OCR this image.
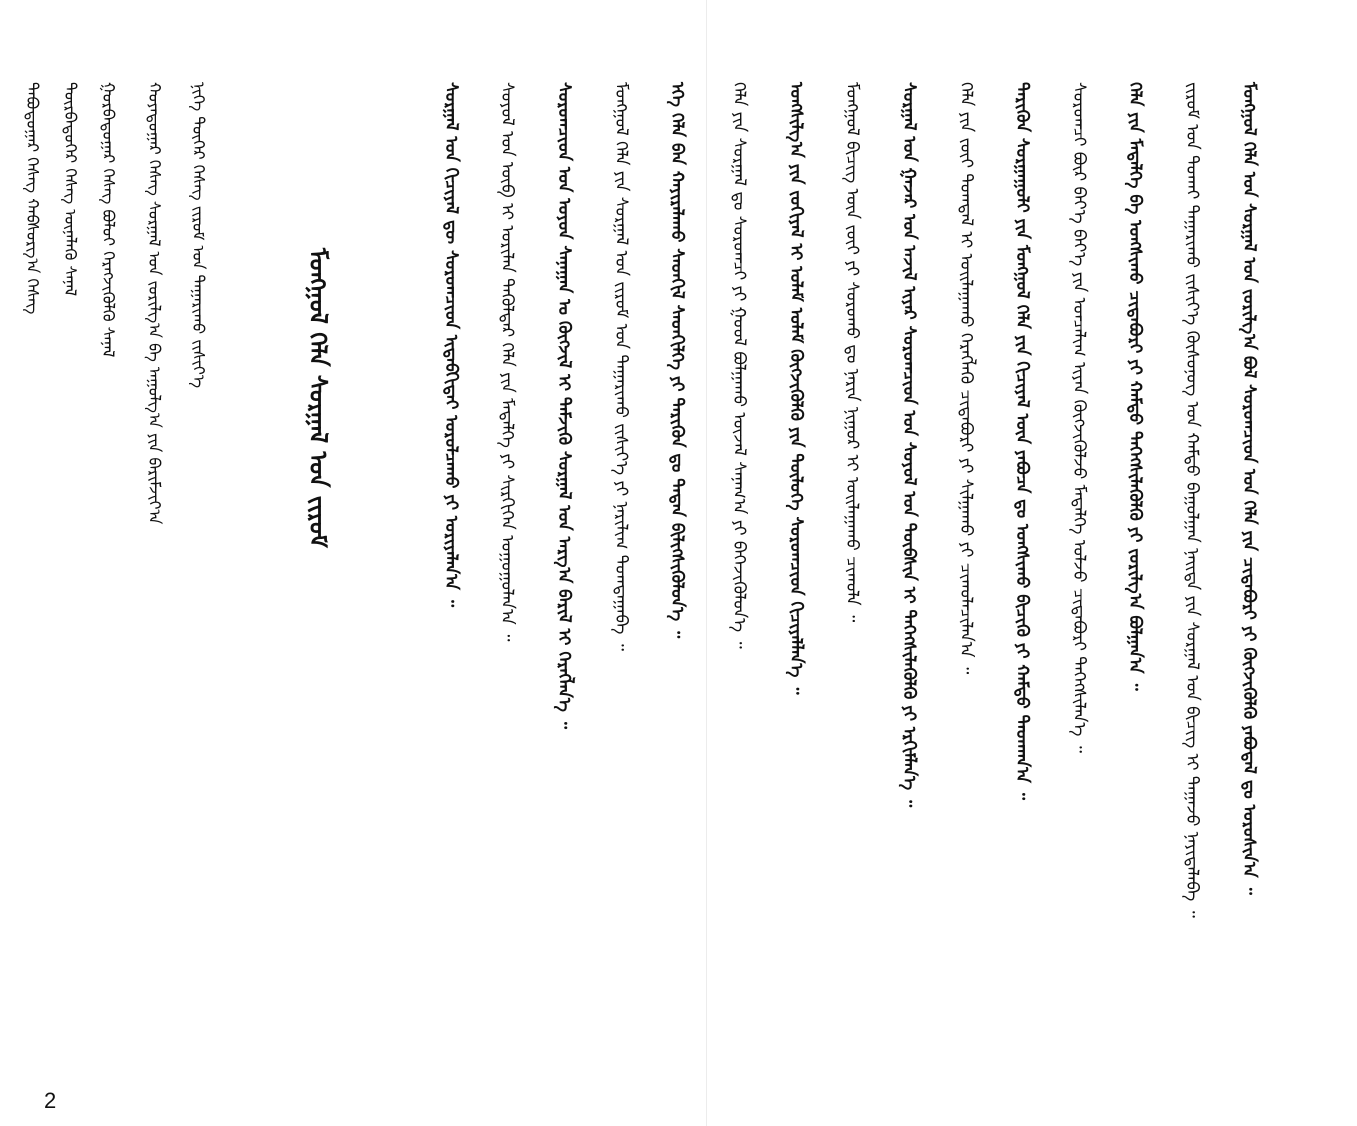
ᠮᠣᠩᠭᠣᠯ ᠬᠡᠯᠡ ᠤᠨ ᠰᠤᠷᠭᠠᠯ ᠤᠨ ᠵᠣᠷᠢᠯᠭ᠎ᠠ ᠪᠣᠯ ᠰᠤᠷᠤᠭᠴᠢᠳ ᠤᠨ ᠬᠡᠯᠡ ᠶᠢᠨ ᠴᠢᠳᠠᠪᠤᠷᠢ ᠶᠢ ᠬᠥᠭᠵᠢᠭᠦᠯᠬᠦ ᠶᠠᠪᠤᠳᠠᠯ ᠳᠤ ᠣᠷᠣᠰᠢᠨ᠎ᠠ ᠃
ᠵᠢᠷᠤᠮ ᠤᠨ ᠲᠤᠬᠠᠢ ᠳᠠᠭᠠᠷᠢᠬᠤ ᠵᠢᠱᠢᠶ᠎ᠡ ᠬᠦᠰᠦᠨᠦᠭ ᠤᠨ ᠬᠠᠮᠲᠤ ᠪᠠᠭᠤᠯᠭᠠᠨ ᠨᠡᠢᠲᠡ ᠶᠢᠨ ᠰᠤᠷᠭᠠᠯ ᠤᠨ ᠪᠢᠴᠢᠭ ᠢ ᠳᠠᠭᠠᠵᠤ ᠨᠡᠶᠢᠲᠡᠯᠡᠪᠡ ᠃
ᠬᠡᠯᠡ ᠶᠢᠨ ᠮᠡᠳᠡᠯᠭᠡ ᠪᠠ ᠤᠩᠰᠢᠬᠤ ᠴᠢᠳᠠᠪᠤᠷᠢ ᠶᠢ ᠬᠠᠮᠲᠤ ᠳᠡᠭᠡᠭᠰᠢᠯᠡᠭᠦᠯᠬᠦ ᠶᠢ ᠵᠣᠷᠢᠯᠭ᠎ᠠ ᠪᠣᠯᠭᠠᠨ᠎ᠠ ᠃
ᠰᠤᠷᠤᠭᠴᠢ ᠪᠦᠷ ᠪᠡᠶ᠎ᠡ ᠪᠡᠶ᠎ᠡ ᠶᠢᠨ ᠣᠨᠴᠠᠯᠢᠭ ᠢᠶᠠᠨ ᠬᠥᠭᠵᠢᠭᠦᠯᠵᠦ ᠮᠡᠳᠡᠯᠭᠡ ᠣᠯᠵᠤ ᠴᠢᠳᠠᠪᠤᠷᠢ ᠲᠡᠭᠡᠭᠰᠢᠯᠡᠨ᠎ᠡ ᠃
ᠲᠡᠷᠢᠭᠦᠨ ᠰᠤᠷᠭᠠᠭᠤᠯᠢ ᠶᠢᠨ ᠮᠣᠩᠭᠣᠯ ᠬᠡᠯᠡ ᠶᠢᠨ ᠬᠢᠴᠢᠶᠡᠯ ᠦᠨ ᠶᠠᠪᠤᠴᠠ ᠳᠤ ᠤᠩᠰᠢᠬᠤ ᠪᠢᠴᠢᠬᠦ ᠶᠢ ᠬᠠᠮᠲᠤ ᠳᠠᠳᠬᠠᠨ᠎ᠠ ᠃
ᠬᠡᠯᠡ ᠶᠢᠨ ᠵᠦᠢ ᠲᠣᠭᠲᠠᠯ ᠢ ᠣᠢᠯᠠᠭᠠᠬᠤ ᠬᠡᠷᠡᠭᠯᠡᠬᠦ ᠴᠢᠳᠠᠪᠤᠷᠢ ᠶᠢ ᠰᠢᠯᠭᠠᠬᠤ ᠶᠢ ᠴᠢᠬᠤᠯᠠᠴᠢᠯᠠᠨ᠎ᠠ ᠃
ᠰᠤᠷᠭᠠᠯ ᠤᠨ ᠭᠠᠵᠠᠷ ᠤᠨ ᠠᠵᠢᠯ ᠢᠶᠠᠷ ᠰᠤᠷᠤᠭᠴᠢᠳ ᠤᠨ ᠰᠣᠶᠣᠯ ᠤᠨ ᠲᠦᠪᠰᠢᠨ ᠢ ᠳᠡᠭᠡᠭᠰᠢᠯᠡᠭᠦᠯᠬᠦ ᠶᠢ ᠡᠷᠬᠢᠮᠯᠡᠨ᠎ᠡ ᠃
ᠮᠣᠩᠭᠣᠯ ᠪᠢᠴᠢᠭ ᠦᠨ ᠵᠦᠢ ᠶᠢ ᠰᠤᠷᠤᠬᠤ ᠳᠤ ᠨᠠᠷᠢᠨ ᠨᠢᠭᠤᠷ ᠢ ᠣᠢᠯᠠᠭᠠᠬᠤ ᠴᠢᠬᠤᠯᠠ ᠃
ᠤᠩᠰᠢᠯᠭ᠎ᠠ ᠶᠢᠨ ᠵᠣᠬᠢᠶᠠᠯ ᠢ ᠤᠯᠠᠮ ᠤᠯᠠᠮ ᠬᠥᠭᠵᠢᠭᠦᠯᠬᠦ ᠶᠢᠨ ᠲᠦᠯᠦᠭᠡ ᠰᠤᠷᠤᠭᠴᠢᠳ ᠬᠢᠴᠢᠶᠡᠯᠯᠡᠨ᠎ᠡ ᠃
ᠬᠡᠯᠡ ᠶᠢᠨ ᠰᠤᠷᠭᠠᠯ ᠳᠤ ᠰᠤᠷᠤᠭᠴᠢ ᠶᠢ ᠭᠣᠣᠯ ᠪᠣᠯᠭᠠᠬᠤ ᠦᠵᠡᠯ ᠰᠠᠨᠠᠭ᠎ᠠ ᠶᠢ ᠪᠡᠬᠡᠵᠢᠭᠦᠯᠦᠨ᠎ᠡ ᠃
ᠡᠬᠡ ᠬᠡᠯᠡ ᠪᠡᠨ ᠬᠠᠶᠢᠷᠠᠯᠠᠬᠤ ᠰᠡᠳᠬᠢᠯ ᠰᠡᠳᠬᠢᠯᠭᠡ ᠶᠢ ᠲᠡᠷᠢᠭᠦᠨ ᠳᠤ ᠲᠠᠲᠠᠨ ᠪᠢᠯᠢᠭᠰᠢᠭᠦᠯᠦᠨ᠎ᠡ ᠃
ᠮᠣᠩᠭᠣᠯ ᠬᠡᠯᠡ ᠶᠢᠨ ᠰᠤᠷᠭᠠᠯ ᠤᠨ ᠵᠢᠷᠤᠮ ᠤᠨ ᠳᠠᠭᠠᠷᠢᠬᠤ ᠵᠢᠱᠢᠶ᠎ᠡ ᠶᠢ ᠨᠠᠷᠢᠯᠢᠭ ᠲᠣᠭᠲᠠᠭᠠᠪᠠ ᠃
ᠰᠤᠷᠤᠭᠴᠢᠳ ᠤᠨ ᠣᠶᠤᠨ ᠰᠠᠨᠠᠭᠠᠨ ᠤ ᠬᠥᠭᠵᠢᠯ ᠢ ᠳᠡᠮᠵᠢᠬᠦ ᠰᠤᠷᠭᠠᠯ ᠤᠨ ᠠᠷᠭ᠎ᠠ ᠪᠠᠷᠢᠯ ᠢ ᠬᠡᠷᠡᠭᠯᠡᠨ᠎ᠡ ᠃
ᠰᠣᠶᠣᠯ ᠤᠨ ᠥᠪ ᠢ ᠤᠷᠢᠯᠠᠨ ᠲᠡᠭᠦᠯᠳᠡᠷ ᠬᠡᠯᠡ ᠶᠢᠨ ᠮᠡᠳᠡᠯᠭᠡ ᠶᠢ ᠰᠢᠷᠭᠢᠭᠡᠨ ᠤᠭᠤᠭᠤᠯᠠᠨ᠎ᠠ ᠃
ᠰᠤᠷᠭᠠᠯ ᠤᠨ ᠬᠢᠴᠢᠶᠡᠯ ᠳᠦ ᠰᠤᠷᠤᠭᠴᠢᠳ ᠢᠳᠡᠪᠬᠢᠲᠡᠢ ᠣᠷᠣᠯᠴᠠᠬᠤ ᠶᠢ ᠤᠷᠢᠶᠠᠯᠠᠨ᠎ᠠ ᠃
ᠮᠣᠩᠭᠣᠯ ᠬᠡᠯᠡ ᠰᠤᠷᠭᠠᠯ ᠤᠨ ᠵᠢᠷᠤᠮ
ᠨᠢᠭᠡ ᠳᠦᠭᠡᠷ ᠬᠡᠰᠡᠭ ᠵᠢᠷᠤᠮ ᠤᠨ ᠳᠠᠭᠠᠷᠢᠬᠤ ᠵᠢᠱᠢᠶ᠎ᠡ
ᠬᠣᠶᠠᠳᠤᠭᠠᠷ ᠬᠡᠰᠡᠭ ᠰᠤᠷᠭᠠᠯ ᠤᠨ ᠵᠣᠷᠢᠯᠭ᠎ᠠ ᠪᠠ ᠠᠭᠤᠯᠭ᠎ᠠ ᠶᠢᠨ ᠪᠠᠷᠢᠮᠵᠢᠶ᠎ᠠ
ᠭᠤᠷᠪᠠᠳᠤᠭᠠᠷ ᠬᠡᠰᠡᠭ ᠪᠤᠯᠤᠢ ᠬᠡᠷᠡᠭᠵᠢᠭᠦᠯᠬᠦ ᠰᠠᠨᠠᠯ
ᠳᠥᠷᠪᠡᠳᠦᠭᠡᠷ ᠬᠡᠰᠡᠭ ᠦᠨᠡᠯᠡᠬᠦ ᠰᠠᠨᠠᠯ
ᠲᠠᠪᠤᠳᠤᠭᠠᠷ ᠬᠡᠰᠡᠭ ᠬᠠᠪᠰᠤᠷᠭ᠎ᠠ ᠬᠡᠰᠡᠭ
2
